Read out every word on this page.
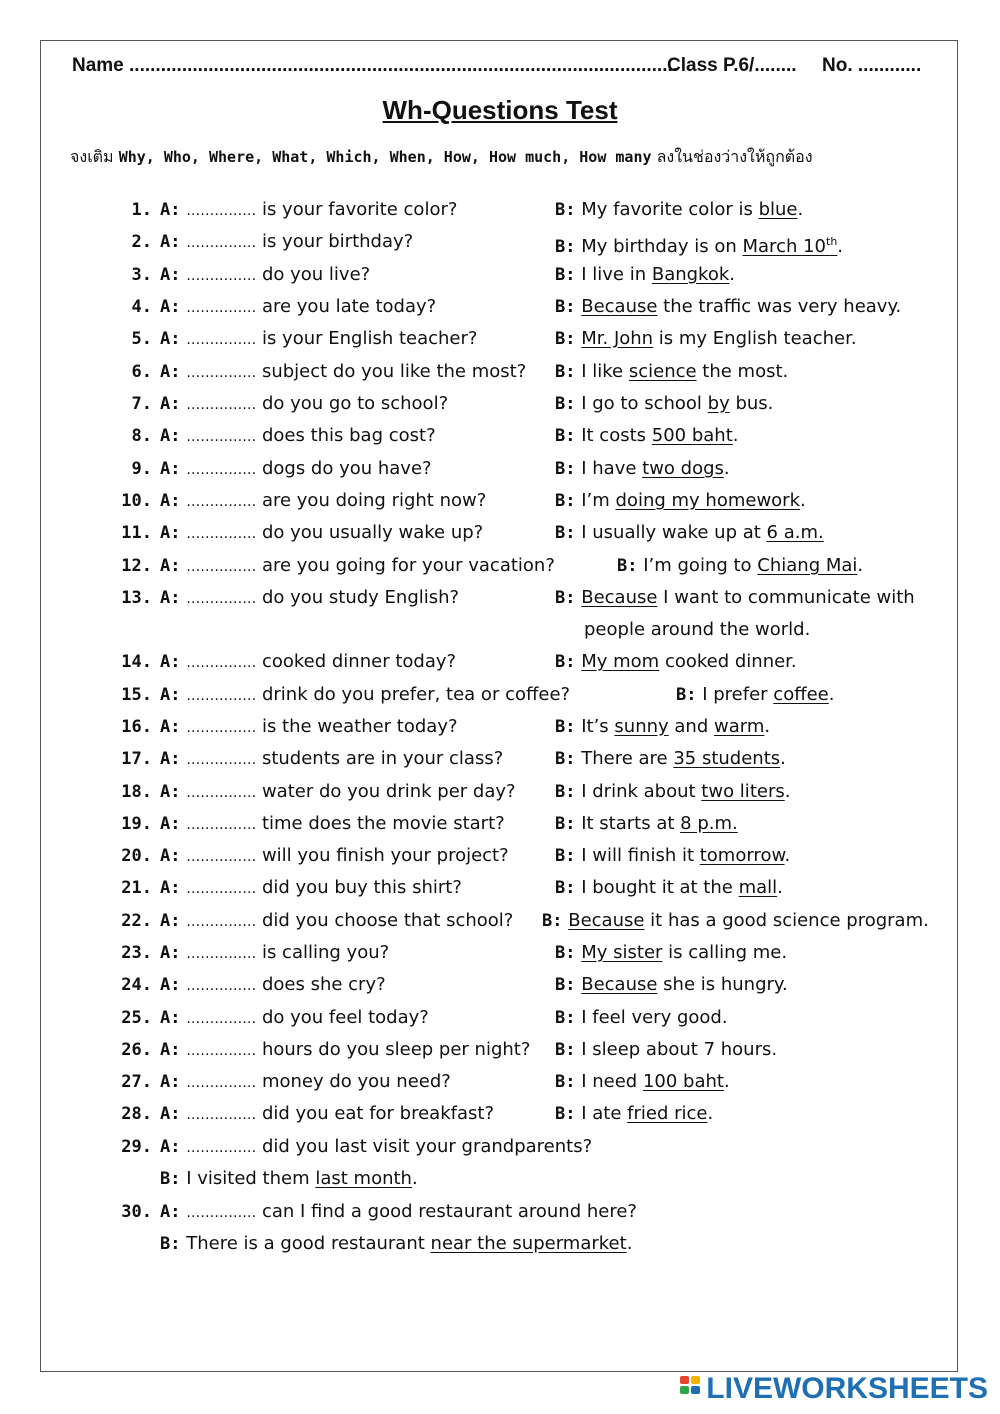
Name ........................................................................................................
Class P.6/........ No. ............
Wh-Questions Test
จงเติม Why, Who, Where, What, Which, When, How, How much, How many ลงในช่องว่างให้ถูกต้อง
1. A: …………… is your favorite color?	B: My favorite color is blue.
2. A: …………… is your birthday?	B: My birthday is on March 10th.
3. A: …………… do you live?	B: I live in Bangkok.
4. A: …………… are you late today?	B: Because the traffic was very heavy.
5. A: …………… is your English teacher?	B: Mr. John is my English teacher.
6. A: …………… subject do you like the most? B: I like science the most.
7. A: …………… do you go to school?	B: I go to school by bus.
8. A: …………… does this bag cost?	B: It costs 500 baht.
9. A: …………… dogs do you have?	B: I have two dogs.
10. A: …………… are you doing right now?	B: I’m doing my homework.
11. A: …………… do you usually wake up?	B: I usually wake up at 6 a.m.
12. A: …………… are you going for your vacation?	B: I’m going to Chiang Mai.
13. A: …………… do you study English?	B: Because I want to communicate with
people around the world.
14. A: …………… cooked dinner today?	B: My mom cooked dinner.
15. A: …………… drink do you prefer, tea or coffee?	B: I prefer coffee.
16. A: …………… is the weather today?	B: It’s sunny and warm.
17. A: …………… students are in your class?	B: There are 35 students.
18. A: …………… water do you drink per day? B: I drink about two liters.
19. A: …………… time does the movie start?	B: It starts at 8 p.m.
20. A: …………… will you finish your project?	B: I will finish it tomorrow.
21. A: …………… did you buy this shirt?	B: I bought it at the mall.
22. A: …………… did you choose that school? B: Because it has a good science program.
23. A: …………… is calling you?	B: My sister is calling me.
24. A: …………… does she cry?	B: Because she is hungry.
25. A: …………… do you feel today?	B: I feel very good.
26. A: …………… hours do you sleep per night? B: I sleep about 7 hours.
27. A: …………… money do you need?	B: I need 100 baht.
28. A: …………… did you eat for breakfast?	B: I ate fried rice.
29. A: …………… did you last visit your grandparents?
B: I visited them last month.
30. A: …………… can I find a good restaurant around here?
B: There is a good restaurant near the supermarket.
LIVEWORKSHEETS
